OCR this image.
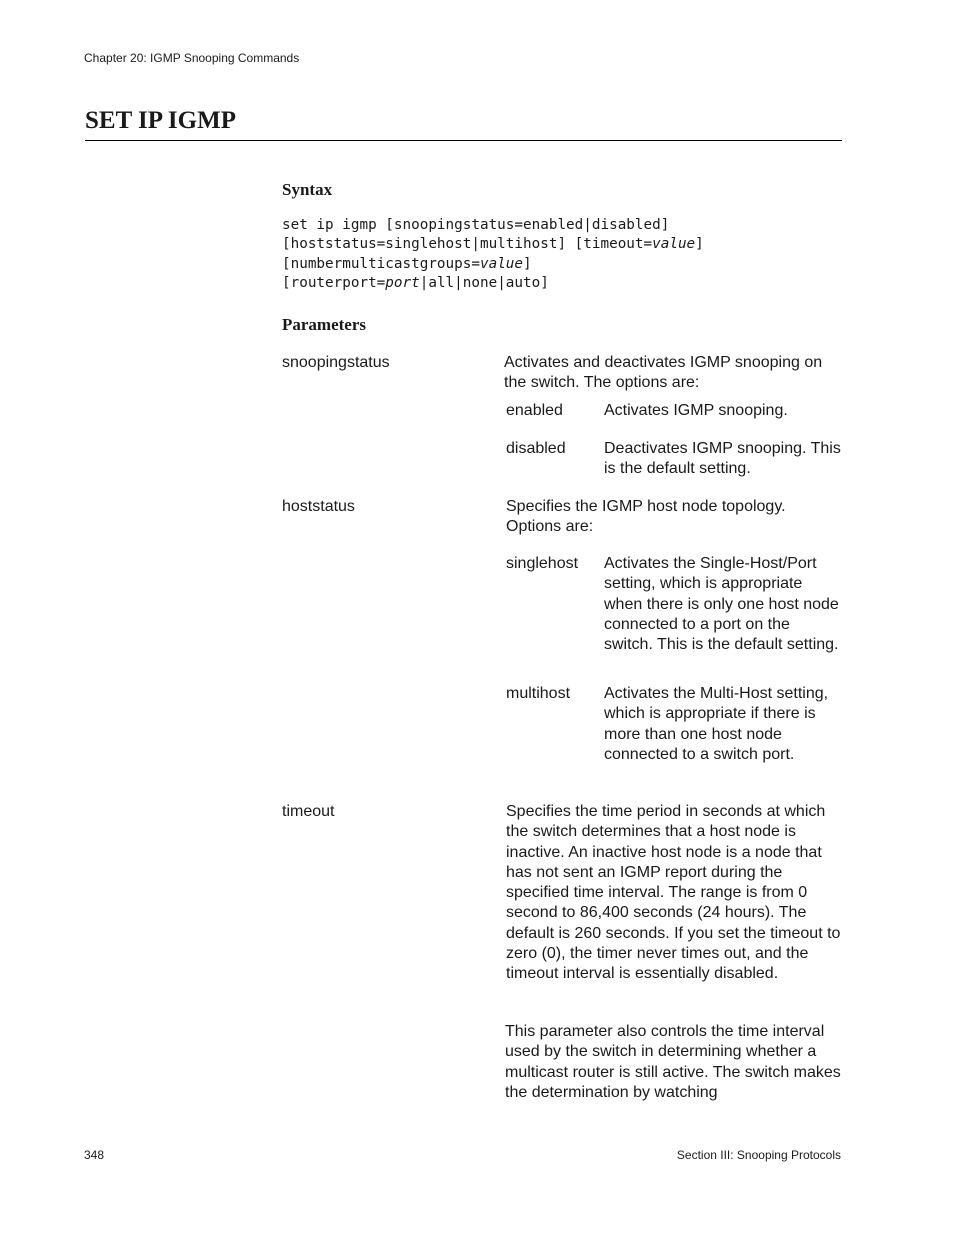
Chapter 20: IGMP Snooping Commands
SET IP IGMP
Syntax
set ip igmp [snoopingstatus=enabled|disabled]
[hoststatus=singlehost|multihost] [timeout=value]
[numbermulticastgroups=value]
[routerport=port|all|none|auto]
Parameters
snoopingstatus	Activates and deactivates IGMP snooping on the switch. The options are:
enabled	Activates IGMP snooping.
disabled Deactivates IGMP snooping. This is the default setting.
hoststatus	Specifies the IGMP host node topology. Options are:
singlehost Activates the Single-Host/Port setting, which is appropriate when there is only one host node connected to a port on the switch. This is the default setting.
multihost Activates the Multi-Host setting, which is appropriate if there is more than one host node connected to a switch port.
timeout	Specifies the time period in seconds at which the switch determines that a host node is inactive. An inactive host node is a node that has not sent an IGMP report during the specified time interval. The range is from 0 second to 86,400 seconds (24 hours). The default is 260 seconds. If you set the timeout to zero (0), the timer never times out, and the timeout interval is essentially disabled.
This parameter also controls the time interval used by the switch in determining whether a multicast router is still active. The switch makes the determination by watching
348	Section III: Snooping Protocols
